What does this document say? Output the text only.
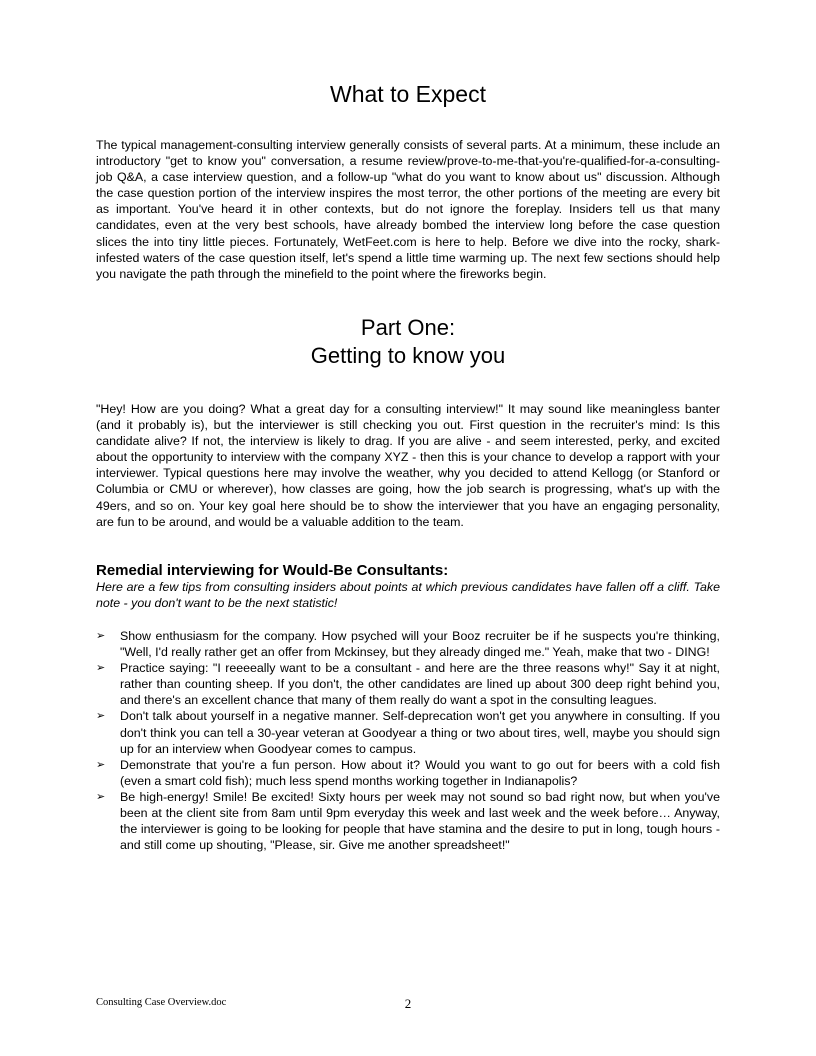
What to Expect

The typical management-consulting interview generally consists of several parts. At a minimum, these include an introductory "get to know you" conversation, a resume review/prove-to-me-that-you're-qualified-for-a-consulting-job Q&A, a case interview question, and a follow-up "what do you want to know about us" discussion. Although the case question portion of the interview inspires the most terror, the other portions of the meeting are every bit as important. You've heard it in other contexts, but do not ignore the foreplay. Insiders tell us that many candidates, even at the very best schools, have already bombed the interview long before the case question slices the into tiny little pieces. Fortunately, WetFeet.com is here to help. Before we dive into the rocky, shark-infested waters of the case question itself, let's spend a little time warming up. The next few sections should help you navigate the path through the minefield to the point where the fireworks begin.

Part One:
Getting to know you

"Hey! How are you doing? What a great day for a consulting interview!" It may sound like meaningless banter (and it probably is), but the interviewer is still checking you out. First question in the recruiter's mind: Is this candidate alive? If not, the interview is likely to drag. If you are alive - and seem interested, perky, and excited about the opportunity to interview with the company XYZ - then this is your chance to develop a rapport with your interviewer. Typical questions here may involve the weather, why you decided to attend Kellogg (or Stanford or Columbia or CMU or wherever), how classes are going, how the job search is progressing, what's up with the 49ers, and so on. Your key goal here should be to show the interviewer that you have an engaging personality, are fun to be around, and would be a valuable addition to the team.

Remedial interviewing for Would-Be Consultants:

Here are a few tips from consulting insiders about points at which previous candidates have fallen off a cliff. Take note - you don't want to be the next statistic!

➢	Show enthusiasm for the company. How psyched will your Booz recruiter be if he suspects you're thinking, "Well, I'd really rather get an offer from Mckinsey, but they already dinged me." Yeah, make that two - DING!
➢	Practice saying: "I reeeeally want to be a consultant - and here are the three reasons why!" Say it at night, rather than counting sheep. If you don't, the other candidates are lined up about 300 deep right behind you, and there's an excellent chance that many of them really do want a spot in the consulting leagues.
➢	Don't talk about yourself in a negative manner. Self-deprecation won't get you anywhere in consulting. If you don't think you can tell a 30-year veteran at Goodyear a thing or two about tires, well, maybe you should sign up for an interview when Goodyear comes to campus.
➢	Demonstrate that you're a fun person. How about it? Would you want to go out for beers with a cold fish (even a smart cold fish); much less spend months working together in Indianapolis?
➢	Be high-energy! Smile! Be excited! Sixty hours per week may not sound so bad right now, but when you've been at the client site from 8am until 9pm everyday this week and last week and the week before… Anyway, the interviewer is going to be looking for people that have stamina and the desire to put in long, tough hours - and still come up shouting, "Please, sir. Give me another spreadsheet!"

Consulting Case Overview.doc	2
